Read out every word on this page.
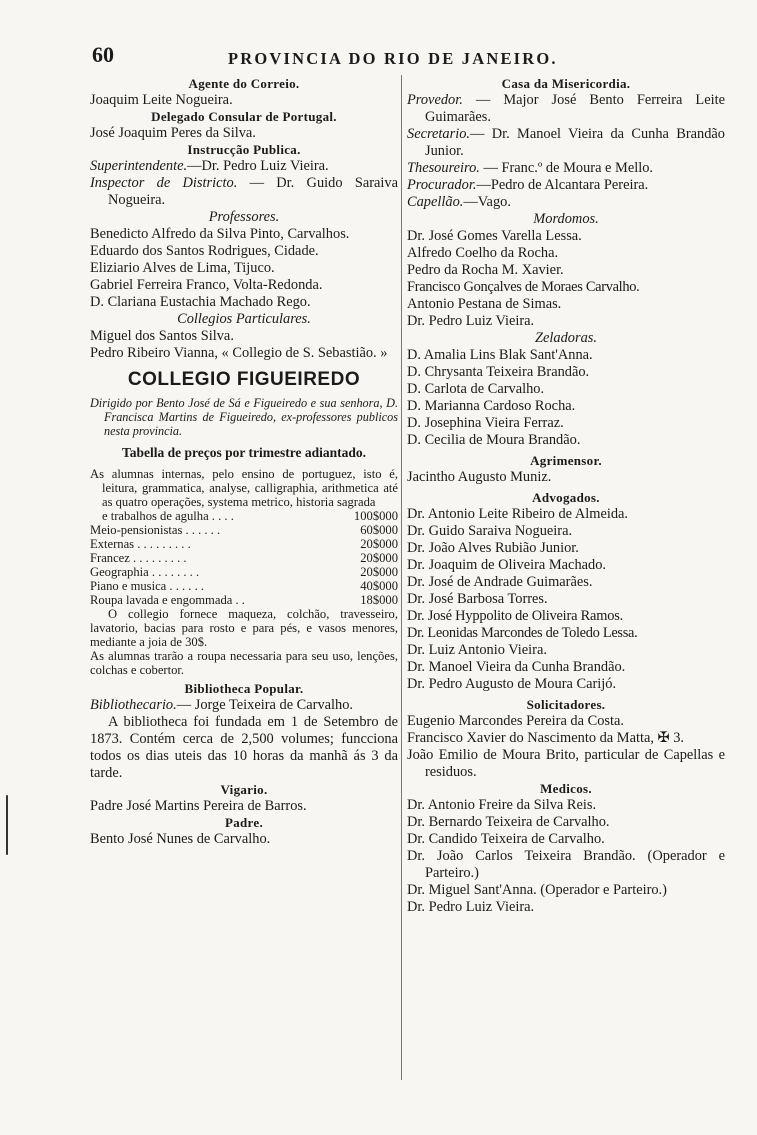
60	PROVINCIA DO RIO DE JANEIRO.
Agente do Correio.
Joaquim Leite Nogueira.
Delegado Consular de Portugal.
José Joaquim Peres da Silva.
Instrucção Publica.
Superintendente.—Dr. Pedro Luiz Vieira.
Inspector de Districto. — Dr. Guido Saraiva Nogueira.
Professores.
Benedicto Alfredo da Silva Pinto, Carvalhos.
Eduardo dos Santos Rodrigues, Cidade.
Eliziario Alves de Lima, Tijuco.
Gabriel Ferreira Franco, Volta-Redonda.
D. Clariana Eustachia Machado Rego.
Collegios Particulares.
Miguel dos Santos Silva.
Pedro Ribeiro Vianna, « Collegio de S. Sebastião. »
COLLEGIO FIGUEIREDO
Dirigido por Bento José de Sá e Figueiredo e sua senhora, D. Francisca Martins de Figueiredo, ex-professores publicos nesta provincia.
Tabella de preços por trimestre adiantado.
As alumnas internas, pelo ensino de portuguez, isto é, leitura, grammatica, analyse, calligraphia, arithmetica até as quatro operações, systema metrico, historia sagrada
e trabalhos de agulha . . . .	100$000
Meio-pensionistas . . . . . .	60$000
Externas . . . . . . . . .	20$000
Francez . . . . . . . . .	20$000
Geographia . . . . . . . .	20$000
Piano e musica . . . . . .	40$000
Roupa lavada e engommada . .	18$000
O collegio fornece maqueza, colchão, travesseiro, lavatorio, bacias para rosto e para pés, e vasos menores, mediante a joia de 30$.
As alumnas trarão a roupa necessaria para seu uso, lenções, colchas e cobertor.
Bibliotheca Popular.
Bibliothecario.— Jorge Teixeira de Carvalho.
A bibliotheca foi fundada em 1 de Setembro de 1873. Contém cerca de 2,500 volumes; funcciona todos os dias uteis das 10 horas da manhã ás 3 da tarde.
Vigario.
Padre José Martins Pereira de Barros.
Padre.
Bento José Nunes de Carvalho.
Casa da Misericordia.
Provedor. — Major José Bento Ferreira Leite Guimarães.
Secretario.— Dr. Manoel Vieira da Cunha Brandão Junior.
Thesoureiro. — Franc.º de Moura e Mello.
Procurador.—Pedro de Alcantara Pereira.
Capellão.—Vago.
Mordomos.
Dr. José Gomes Varella Lessa.
Alfredo Coelho da Rocha.
Pedro da Rocha M. Xavier.
Francisco Gonçalves de Moraes Carvalho.
Antonio Pestana de Simas.
Dr. Pedro Luiz Vieira.
Zeladoras.
D. Amalia Lins Blak Sant'Anna.
D. Chrysanta Teixeira Brandão.
D. Carlota de Carvalho.
D. Marianna Cardoso Rocha.
D. Josephina Vieira Ferraz.
D. Cecilia de Moura Brandão.
Agrimensor.
Jacintho Augusto Muniz.
Advogados.
Dr. Antonio Leite Ribeiro de Almeida.
Dr. Guido Saraiva Nogueira.
Dr. João Alves Rubião Junior.
Dr. Joaquim de Oliveira Machado.
Dr. José de Andrade Guimarães.
Dr. José Barbosa Torres.
Dr. José Hyppolito de Oliveira Ramos.
Dr. Leonidas Marcondes de Toledo Lessa.
Dr. Luiz Antonio Vieira.
Dr. Manoel Vieira da Cunha Brandão.
Dr. Pedro Augusto de Moura Carijó.
Solicitadores.
Eugenio Marcondes Pereira da Costa.
Francisco Xavier do Nascimento da Matta, ✠ 3.
João Emilio de Moura Brito, particular de Capellas e residuos.
Medicos.
Dr. Antonio Freire da Silva Reis.
Dr. Bernardo Teixeira de Carvalho.
Dr. Candido Teixeira de Carvalho.
Dr. João Carlos Teixeira Brandão. (Operador e Parteiro.)
Dr. Miguel Sant'Anna. (Operador e Parteiro.)
Dr. Pedro Luiz Vieira.
